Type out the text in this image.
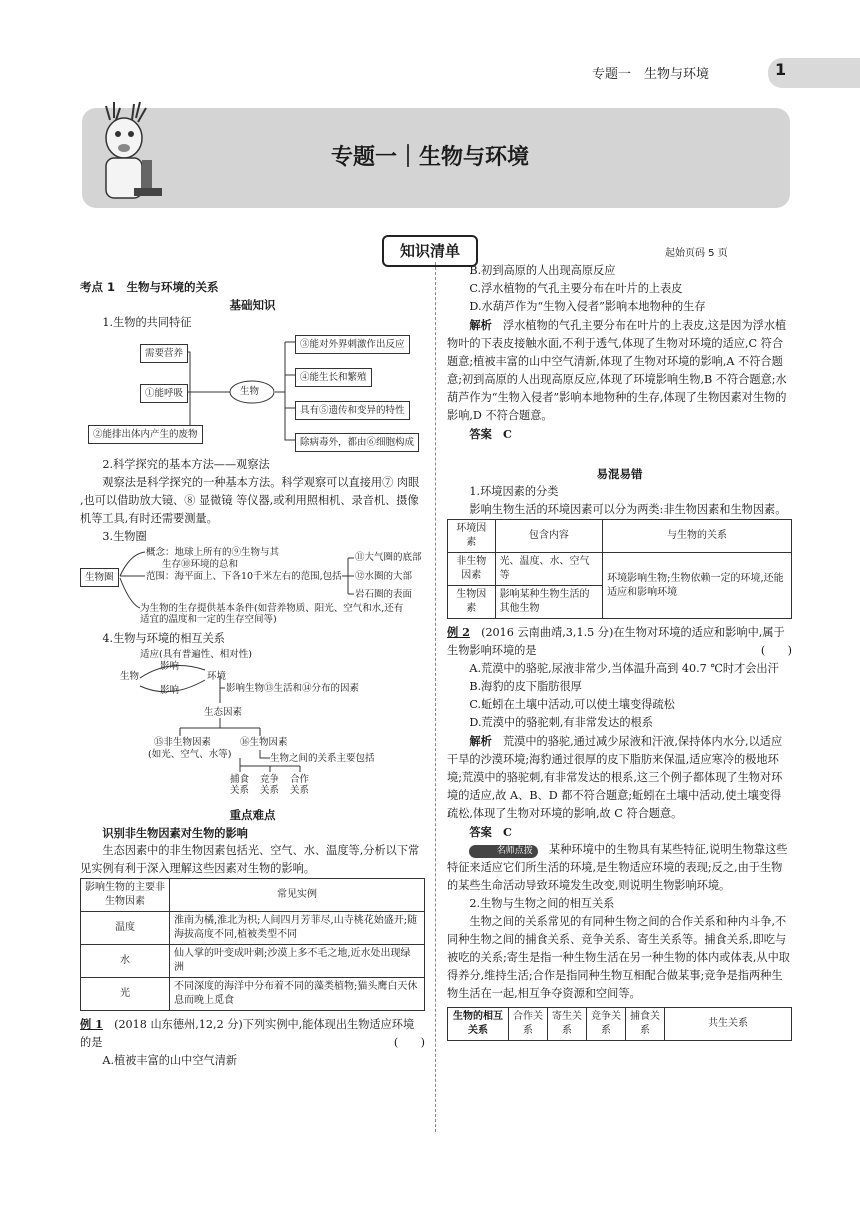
专题一　生物与环境	1
专题一｜生物与环境
知识清单	起始页码 5 页

考点 1　生物与环境的关系

基础知识

1.生物的共同特征

生物
需要营养
①能呼吸
②能排出体内产生的废物
③能对外界刺激作出反应
④能生长和繁殖
具有⑤遗传和变异的特性
除病毒外，都由⑥细胞构成

2.科学探究的基本方法——观察法

观察法是科学探究的一种基本方法。科学观察可以直接用⑦ 肉眼 ,也可以借助放大镜、⑧ 显微镜 等仪器,或利用照相机、录音机、摄像机等工具,有时还需要测量。

3.生物圈

生物圈
概念：地球上所有的⑨生物与其
生存⑩环境的总和
范围：海平面上、下各10千米左右的范围,包括
⑪大气圈的底部
⑫水圈的大部
岩石圈的表面
为生物的生存提供基本条件(如营养物质、阳光、空气和水,还有
适宜的温度和一定的生存空间等)

4.生物与环境的相互关系

适应(具有普遍性、相对性)
生物
影响
影响
环境
影响生物⑬生活和⑭分布的因素
生态因素
⑮非生物因素
(如光、空气、水等)
⑯生物因素
生物之间的关系主要包括
捕食 竞争 合作
关系 关系 关系

重点难点

识别非生物因素对生物的影响

生态因素中的非生物因素包括光、空气、水、温度等,分析以下常见实例有利于深入理解这些因素对生物的影响。

影响生物的主要非生物因素	常见实例
温度	淮南为橘,淮北为枳;人间四月芳菲尽,山寺桃花始盛开;随海拔高度不同,植被类型不同
水	仙人掌的叶变成叶刺;沙漠上多不毛之地,近水处出现绿洲
光	不同深度的海洋中分布着不同的藻类植物;猫头鹰白天休息而晚上觅食

例 1　 (2018 山东德州,12,2 分)下列实例中,能体现出生物适应环境的是	(　　)

A.植被丰富的山中空气清新

B.初到高原的人出现高原反应

C.浮水植物的气孔主要分布在叶片的上表皮

D.水葫芦作为“生物入侵者”影响本地物种的生存

解析　 浮水植物的气孔主要分布在叶片的上表皮,这是因为浮水植物叶的下表皮接触水面,不利于透气,体现了生物对环境的适应,C 符合题意;植被丰富的山中空气清新,体现了生物对环境的影响,A 不符合题意;初到高原的人出现高原反应,体现了环境影响生物,B 不符合题意;水葫芦作为“生物入侵者”影响本地物种的生存,体现了生物因素对生物的影响,D 不符合题意。

答案　C

易混易错

1.环境因素的分类

影响生物生活的环境因素可以分为两类:非生物因素和生物因素。

环境因素	包含内容	与生物的关系
非生物因素	光、温度、水、空气等	环境影响生物;生物依赖一定的环境,还能适应和影响环境
生物因素	影响某种生物生活的其他生物	

例 2　 (2016 云南曲靖,3,1.5 分)在生物对环境的适应和影响中,属于生物影响环境的是	(　　)

A.荒漠中的骆驼,尿液非常少,当体温升高到 40.7 ℃时才会出汗

B.海豹的皮下脂肪很厚

C.蚯蚓在土壤中活动,可以使土壤变得疏松

D.荒漠中的骆驼刺,有非常发达的根系

解析　 荒漠中的骆驼,通过减少尿液和汗液,保持体内水分,以适应干旱的沙漠环境;海豹通过很厚的皮下脂肪来保温,适应寒冷的极地环境;荒漠中的骆驼刺,有非常发达的根系,这三个例子都体现了生物对环境的适应,故 A、B、D 都不符合题意;蚯蚓在土壤中活动,使土壤变得疏松,体现了生物对环境的影响,故 C 符合题意。

答案　C

名师点拨　 某种环境中的生物具有某些特征,说明生物靠这些特征来适应它们所生活的环境,是生物适应环境的表现;反之,由于生物的某些生命活动导致环境发生改变,则说明生物影响环境。

2.生物与生物之间的相互关系

生物之间的关系常见的有同种生物之间的合作关系和种内斗争,不同种生物之间的捕食关系、竞争关系、寄生关系等。捕食关系,即吃与被吃的关系;寄生是指一种生物生活在另一种生物的体内或体表,从中取得养分,维持生活;合作是指同种生物互相配合做某事;竞争是指两种生物生活在一起,相互争夺资源和空间等。

生物的相互关系	合作关系	寄生关系	竞争关系	捕食关系	共生关系
